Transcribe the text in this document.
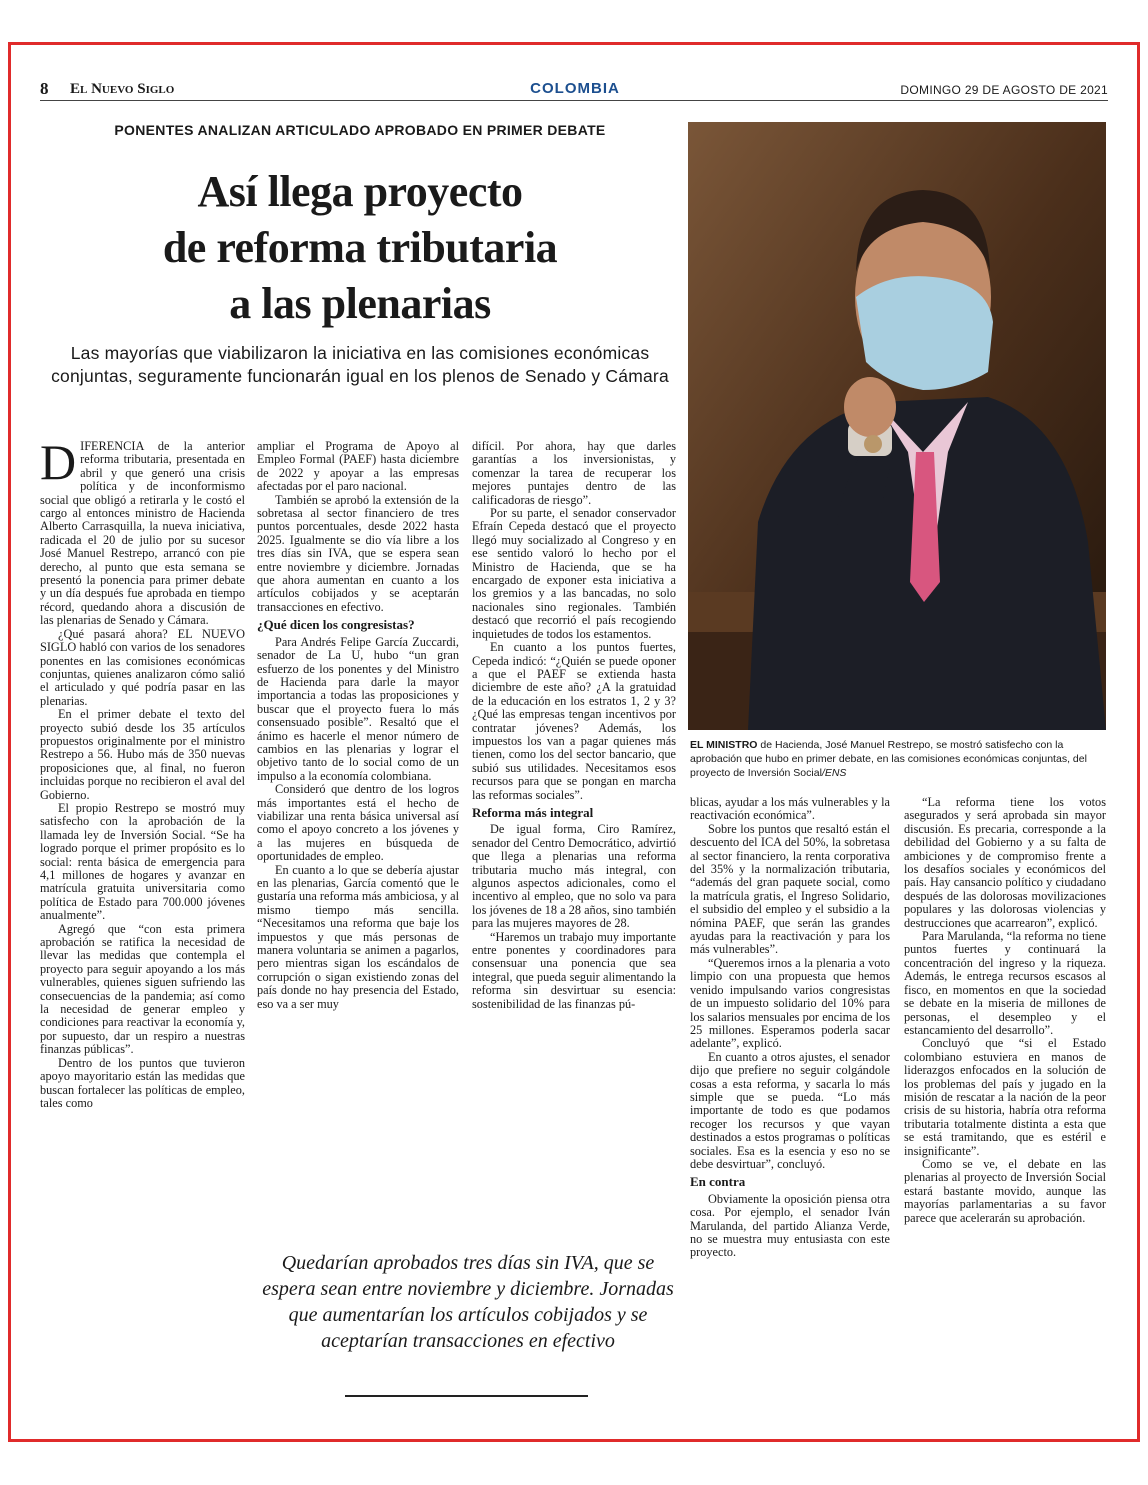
8 El Nuevo Siglo	COLOMBIA	DOMINGO 29 DE AGOSTO DE 2021
PONENTES ANALIZAN ARTICULADO APROBADO EN PRIMER DEBATE
Así llega proyecto
de reforma tributaria
a las plenarias
Las mayorías que viabilizaron la iniciativa en las comisiones económicas conjuntas, seguramente funcionarán igual en los plenos de Senado y Cámara
EL MINISTRO de Hacienda, José Manuel Restrepo, se mostró satisfecho con la aprobación que hubo en primer debate, en las comisiones económicas conjuntas, del proyecto de Inversión Social/ENS

DIFERENCIA de la anterior reforma tributaria, presentada en abril y que generó una crisis política y de inconformismo social que obligó a retirarla y le costó el cargo al entonces ministro de Hacienda Alberto Carrasquilla, la nueva iniciativa, radicada el 20 de julio por su sucesor José Manuel Restrepo, arrancó con pie derecho, al punto que esta semana se presentó la ponencia para primer debate y un día después fue aprobada en tiempo récord, quedando ahora a discusión de las plenarias de Senado y Cámara.

¿Qué pasará ahora? EL NUEVO SIGLO habló con varios de los senadores ponentes en las comisiones económicas conjuntas, quienes analizaron cómo salió el articulado y qué podría pasar en las plenarias.

En el primer debate el texto del proyecto subió desde los 35 artículos propuestos originalmente por el ministro Restrepo a 56. Hubo más de 350 nuevas proposiciones que, al final, no fueron incluidas porque no recibieron el aval del Gobierno.

El propio Restrepo se mostró muy satisfecho con la aprobación de la llamada ley de Inversión Social. “Se ha logrado porque el primer propósito es lo social: renta básica de emergencia para 4,1 millones de hogares y avanzar en matrícula gratuita universitaria como política de Estado para 700.000 jóvenes anualmente”.

Agregó que “con esta primera aprobación se ratifica la necesidad de llevar las medidas que contempla el proyecto para seguir apoyando a los más vulnerables, quienes siguen sufriendo las consecuencias de la pandemia; así como la necesidad de generar empleo y condiciones para reactivar la economía y, por supuesto, dar un respiro a nuestras finanzas públicas”.

Dentro de los puntos que tuvieron apoyo mayoritario están las medidas que buscan fortalecer las políticas de empleo, tales como

ampliar el Programa de Apoyo al Empleo Formal (PAEF) hasta diciembre de 2022 y apoyar a las empresas afectadas por el paro nacional.

También se aprobó la extensión de la sobretasa al sector financiero de tres puntos porcentuales, desde 2022 hasta 2025. Igualmente se dio vía libre a los tres días sin IVA, que se espera sean entre noviembre y diciembre. Jornadas que ahora aumentan en cuanto a los artículos cobijados y se aceptarán transacciones en efectivo.

¿Qué dicen los congresistas?

Para Andrés Felipe García Zuccardi, senador de La U, hubo “un gran esfuerzo de los ponentes y del Ministro de Hacienda para darle la mayor importancia a todas las proposiciones y buscar que el proyecto fuera lo más consensuado posible”. Resaltó que el ánimo es hacerle el menor número de cambios en las plenarias y lograr el objetivo tanto de lo social como de un impulso a la economía colombiana.

Consideró que dentro de los logros más importantes está el hecho de viabilizar una renta básica universal así como el apoyo concreto a los jóvenes y a las mujeres en búsqueda de oportunidades de empleo.

En cuanto a lo que se debería ajustar en las plenarias, García comentó que le gustaría una reforma más ambiciosa, y al mismo tiempo más sencilla. “Necesitamos una reforma que baje los impuestos y que más personas de manera voluntaria se animen a pagarlos, pero mientras sigan los escándalos de corrupción o sigan existiendo zonas del país donde no hay presencia del Estado, eso va a ser muy

difícil. Por ahora, hay que darles garantías a los inversionistas, y comenzar la tarea de recuperar los mejores puntajes dentro de las calificadoras de riesgo”.

Por su parte, el senador conservador Efraín Cepeda destacó que el proyecto llegó muy socializado al Congreso y en ese sentido valoró lo hecho por el Ministro de Hacienda, que se ha encargado de exponer esta iniciativa a los gremios y a las bancadas, no solo nacionales sino regionales. También destacó que recorrió el país recogiendo inquietudes de todos los estamentos.

En cuanto a los puntos fuertes, Cepeda indicó: “¿Quién se puede oponer a que el PAEF se extienda hasta diciembre de este año? ¿A la gratuidad de la educación en los estratos 1, 2 y 3? ¿Qué las empresas tengan incentivos por contratar jóvenes? Además, los impuestos los van a pagar quienes más tienen, como los del sector bancario, que subió sus utilidades. Necesitamos esos recursos para que se pongan en marcha las reformas sociales”.

Reforma más integral

De igual forma, Ciro Ramírez, senador del Centro Democrático, advirtió que llega a plenarias una reforma tributaria mucho más integral, con algunos aspectos adicionales, como el incentivo al empleo, que no solo va para los jóvenes de 18 a 28 años, sino también para las mujeres mayores de 28.

“Haremos un trabajo muy importante entre ponentes y coordinadores para consensuar una ponencia que sea integral, que pueda seguir alimentando la reforma sin desvirtuar su esencia: sostenibilidad de las finanzas pú-

blicas, ayudar a los más vulnerables y la reactivación económica”.

Sobre los puntos que resaltó están el descuento del ICA del 50%, la sobretasa al sector financiero, la renta corporativa del 35% y la normalización tributaria, “además del gran paquete social, como la matrícula gratis, el Ingreso Solidario, el subsidio del empleo y el subsidio a la nómina PAEF, que serán las grandes ayudas para la reactivación y para los más vulnerables”.

“Queremos irnos a la plenaria a voto limpio con una propuesta que hemos venido impulsando varios congresistas de un impuesto solidario del 10% para los salarios mensuales por encima de los 25 millones. Esperamos poderla sacar adelante”, explicó.

En cuanto a otros ajustes, el senador dijo que prefiere no seguir colgándole cosas a esta reforma, y sacarla lo más simple que se pueda. “Lo más importante de todo es que podamos recoger los recursos y que vayan destinados a estos programas o políticas sociales. Esa es la esencia y eso no se debe desvirtuar”, concluyó.

En contra

Obviamente la oposición piensa otra cosa. Por ejemplo, el senador Iván Marulanda, del partido Alianza Verde, no se muestra muy entusiasta con este proyecto.

“La reforma tiene los votos asegurados y será aprobada sin mayor discusión. Es precaria, corresponde a la debilidad del Gobierno y a su falta de ambiciones y de compromiso frente a los desafíos sociales y económicos del país. Hay cansancio político y ciudadano después de las dolorosas movilizaciones populares y las dolorosas violencias y destrucciones que acarrearon”, explicó.

Para Marulanda, “la reforma no tiene puntos fuertes y continuará la concentración del ingreso y la riqueza. Además, le entrega recursos escasos al fisco, en momentos en que la sociedad se debate en la miseria de millones de personas, el desempleo y el estancamiento del desarrollo”.

Concluyó que “si el Estado colombiano estuviera en manos de liderazgos enfocados en la solución de los problemas del país y jugado en la misión de rescatar a la nación de la peor crisis de su historia, habría otra reforma tributaria totalmente distinta a esta que se está tramitando, que es estéril e insignificante”.

Como se ve, el debate en las plenarias al proyecto de Inversión Social estará bastante movido, aunque las mayorías parlamentarias a su favor parece que acelerarán su aprobación.

Quedarían aprobados tres días sin IVA, que se espera sean entre noviembre y diciembre. Jornadas que aumentarían los artículos cobijados y se aceptarían transacciones en efectivo
